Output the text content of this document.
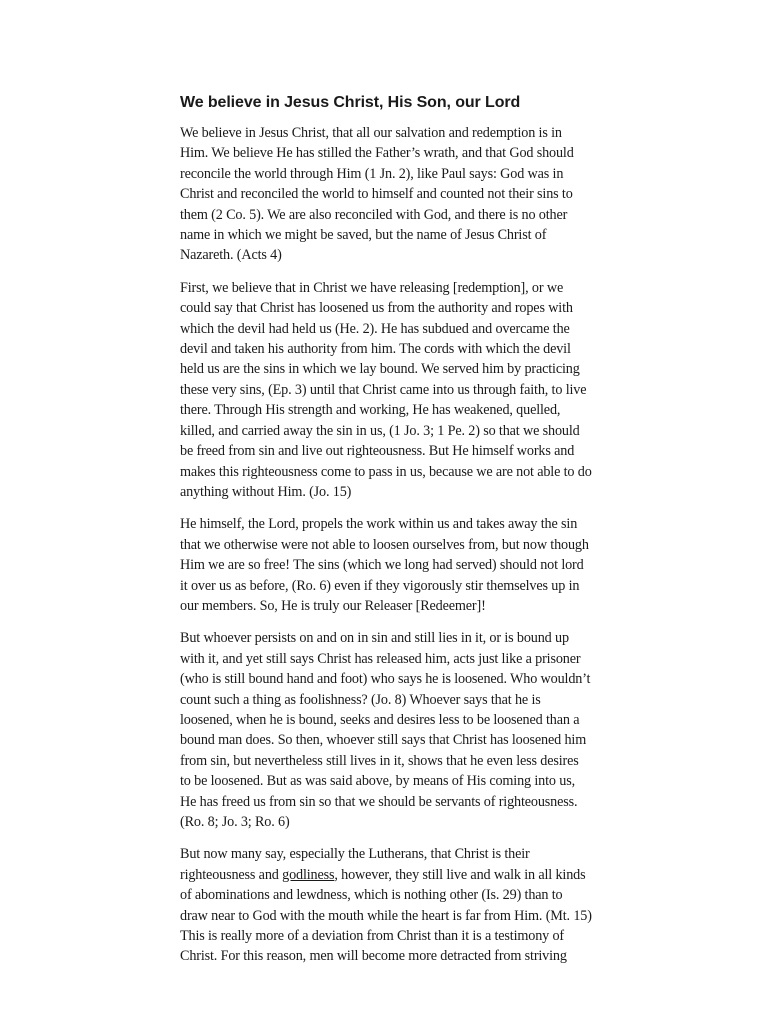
We believe in Jesus Christ, His Son, our Lord

We believe in Jesus Christ, that all our salvation and redemption is in Him. We believe He has stilled the Father’s wrath, and that God should reconcile the world through Him (1 Jn. 2), like Paul says: God was in Christ and reconciled the world to himself and counted not their sins to them (2 Co. 5). We are also reconciled with God, and there is no other name in which we might be saved, but the name of Jesus Christ of Nazareth. (Acts 4)

First, we believe that in Christ we have releasing [redemption], or we could say that Christ has loosened us from the authority and ropes with which the devil had held us (He. 2). He has subdued and overcame the devil and taken his authority from him. The cords with which the devil held us are the sins in which we lay bound. We served him by practicing these very sins, (Ep. 3) until that Christ came into us through faith, to live there. Through His strength and working, He has weakened, quelled, killed, and carried away the sin in us, (1 Jo. 3; 1 Pe. 2) so that we should be freed from sin and live out righteousness. But He himself works and makes this righteousness come to pass in us, because we are not able to do anything without Him. (Jo. 15)

He himself, the Lord, propels the work within us and takes away the sin that we otherwise were not able to loosen ourselves from, but now though Him we are so free! The sins (which we long had served) should not lord it over us as before, (Ro. 6) even if they vigorously stir themselves up in our members. So, He is truly our Releaser [Redeemer]!

But whoever persists on and on in sin and still lies in it, or is bound up with it, and yet still says Christ has released him, acts just like a prisoner (who is still bound hand and foot) who says he is loosened. Who wouldn’t count such a thing as foolishness? (Jo. 8) Whoever says that he is loosened, when he is bound, seeks and desires less to be loosened than a bound man does. So then, whoever still says that Christ has loosened him from sin, but nevertheless still lives in it, shows that he even less desires to be loosened. But as was said above, by means of His coming into us, He has freed us from sin so that we should be servants of righteousness. (Ro. 8; Jo. 3; Ro. 6)

But now many say, especially the Lutherans, that Christ is their righteousness and godliness, however, they still live and walk in all kinds of abominations and lewdness, which is nothing other (Is. 29) than to draw near to God with the mouth while the heart is far from Him. (Mt. 15) This is really more of a deviation from Christ than it is a testimony of Christ. For this reason, men will become more detracted from striving
